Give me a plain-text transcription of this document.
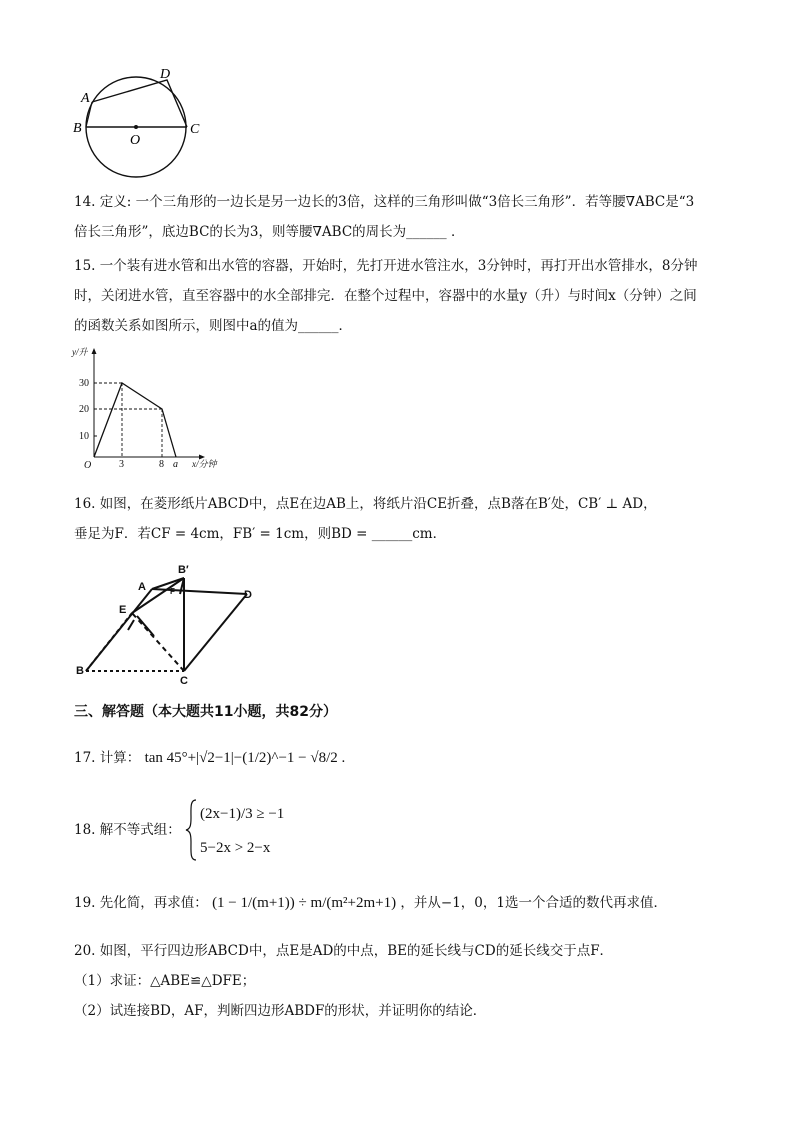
A
B	C
D
O
14. 定义: 一个三角形的一边长是另一边长的3倍，这样的三角形叫做“3倍长三角形”．若等腰∇ABC是“3
倍长三角形”，底边BC的长为3，则等腰∇ABC的周长为______ ．
15. 一个装有进水管和出水管的容器，开始时，先打开进水管注水，3分钟时，再打开出水管排水，8分钟
时，关闭进水管，直至容器中的水全部排完．在整个过程中，容器中的水量y（升）与时间x（分钟）之间
的函数关系如图所示，则图中a的值为______．
y/升
30
20
10
O	3	8 a x/分钟
16. 如图，在菱形纸片ABCD中，点E在边AB上，将纸片沿CE折叠，点B落在B′处，CB′ ⊥ AD，
垂足为F．若CF = 4cm，FB′ = 1cm，则BD = ______cm．
A
B
B′
C
D
E
F
三、解答题（本大题共11小题，共82分）
17. 计算： tan 45°+|√2−1|−(1/2)^−1 − √8/2 .
18. 解不等式组：
(2x−1)/3 ≥ −1
5−2x > 2−x
19. 先化简，再求值： (1 − 1/(m+1)) ÷ m/(m²+2m+1) ，并从−1，0，1选一个合适的数代再求值．
20. 如图，平行四边形ABCD中，点E是AD的中点，BE的延长线与CD的延长线交于点F．
（1）求证：△ABE≌△DFE；
（2）试连接BD，AF，判断四边形ABDF的形状，并证明你的结论．
